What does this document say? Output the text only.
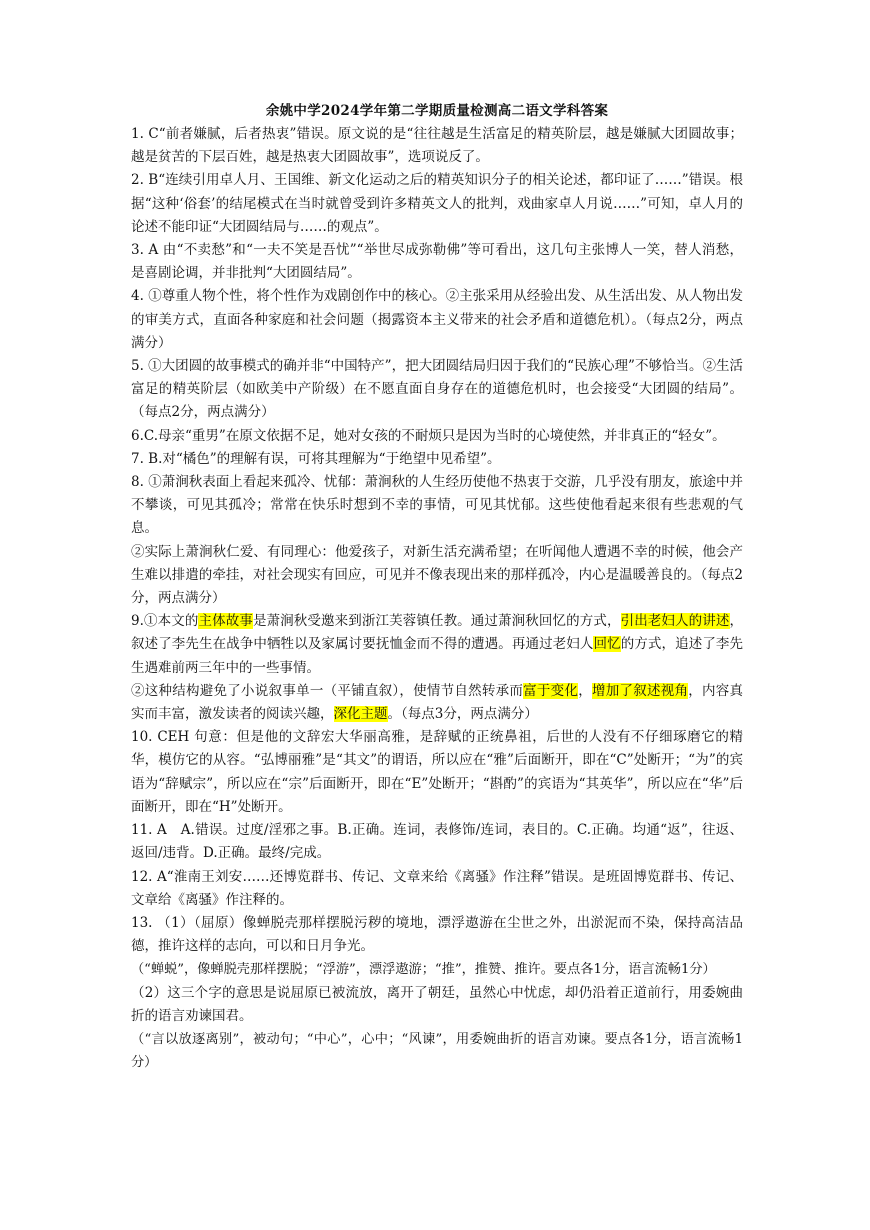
余姚中学2024学年第二学期质量检测高二语文学科答案

1. C“前者嫌腻，后者热衷”错误。原文说的是“往往越是生活富足的精英阶层，越是嫌腻大团圆故事；越是贫苦的下层百姓，越是热衷大团圆故事”，选项说反了。

2. B“连续引用卓人月、王国维、新文化运动之后的精英知识分子的相关论述，都印证了……”错误。根据“这种‘俗套’的结尾模式在当时就曾受到许多精英文人的批判，戏曲家卓人月说……”可知，卓人月的论述不能印证“大团圆结局与……的观点”。

3. A 由“不卖愁”和“一夫不笑是吾忧”“举世尽成弥勒佛”等可看出，这几句主张博人一笑，替人消愁，是喜剧论调，并非批判“大团圆结局”。

4. ①尊重人物个性，将个性作为戏剧创作中的核心。②主张采用从经验出发、从生活出发、从人物出发的审美方式，直面各种家庭和社会问题（揭露资本主义带来的社会矛盾和道德危机）。（每点2分，两点满分）

5. ①大团圆的故事模式的确并非“中国特产”，把大团圆结局归因于我们的“民族心理”不够恰当。②生活富足的精英阶层（如欧美中产阶级）在不愿直面自身存在的道德危机时，也会接受“大团圆的结局”。（每点2分，两点满分）

6.C.母亲“重男”在原文依据不足，她对女孩的不耐烦只是因为当时的心境使然，并非真正的“轻女”。

7. B.对“橘色”的理解有误，可将其理解为“于绝望中见希望”。

8. ①萧涧秋表面上看起来孤冷、忧郁：萧涧秋的人生经历使他不热衷于交游，几乎没有朋友，旅途中并不攀谈，可见其孤冷；常常在快乐时想到不幸的事情，可见其忧郁。这些使他看起来很有些悲观的气息。

②实际上萧涧秋仁爱、有同理心：他爱孩子，对新生活充满希望；在听闻他人遭遇不幸的时候，他会产生难以排遣的牵挂，对社会现实有回应，可见并不像表现出来的那样孤冷，内心是温暖善良的。（每点2分，两点满分）

9.①本文的主体故事是萧涧秋受邀来到浙江芙蓉镇任教。通过萧涧秋回忆的方式，引出老妇人的讲述，叙述了李先生在战争中牺牲以及家属讨要抚恤金而不得的遭遇。再通过老妇人回忆的方式，追述了李先生遇难前两三年中的一些事情。

②这种结构避免了小说叙事单一（平铺直叙），使情节自然转承而富于变化，增加了叙述视角，内容真实而丰富，激发读者的阅读兴趣，深化主题。（每点3分，两点满分）

10. CEH 句意：但是他的文辞宏大华丽高雅，是辞赋的正统鼻祖，后世的人没有不仔细琢磨它的精华，模仿它的从容。“弘博丽雅”是“其文”的谓语，所以应在“雅”后面断开，即在“C”处断开；“为”的宾语为“辞赋宗”，所以应在“宗”后面断开，即在“E”处断开；“斟酌”的宾语为“其英华”，所以应在“华”后面断开，即在“H”处断开。

11. A　A.错误。过度/淫邪之事。B.正确。连词，表修饰/连词，表目的。C.正确。均通“返”，往返、返回/违背。D.正确。最终/完成。

12. A“淮南王刘安……还博览群书、传记、文章来给《离骚》作注释”错误。是班固博览群书、传记、文章给《离骚》作注释的。

13. （1）（屈原）像蝉脱壳那样摆脱污秽的境地，漂浮遨游在尘世之外，出淤泥而不染，保持高洁品德，推许这样的志向，可以和日月争光。

（“蝉蜕”，像蝉脱壳那样摆脱；“浮游”，漂浮遨游；“推”，推赞、推许。要点各1分，语言流畅1分）

（2）这三个字的意思是说屈原已被流放，离开了朝廷，虽然心中忧虑，却仍沿着正道前行，用委婉曲折的语言劝谏国君。

（“言以放逐离别”，被动句；“中心”，心中；“风谏”，用委婉曲折的语言劝谏。要点各1分，语言流畅1分）
